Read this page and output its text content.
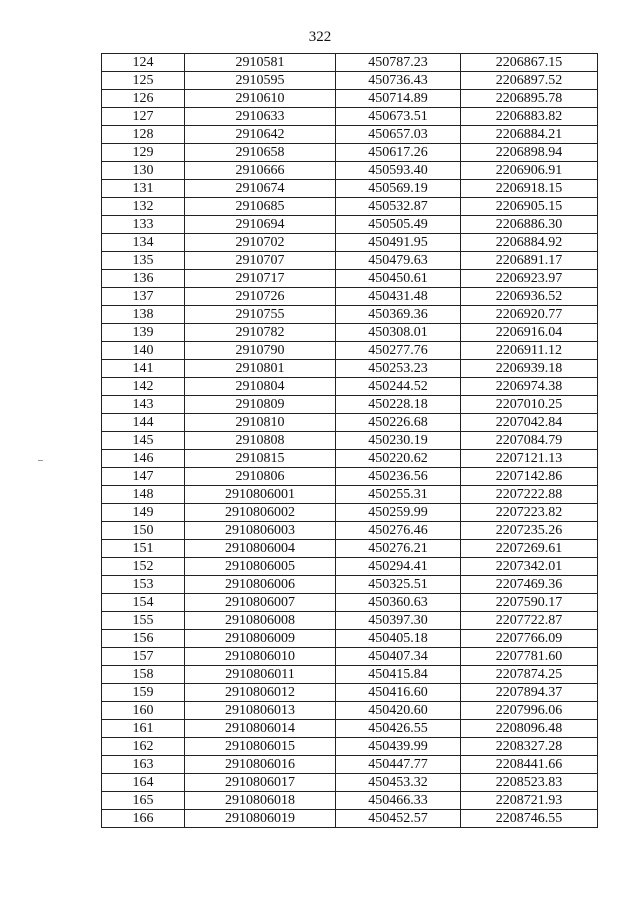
322
124	2910581	450787.23	2206867.15
125	2910595	450736.43	2206897.52
126	2910610	450714.89	2206895.78
127	2910633	450673.51	2206883.82
128	2910642	450657.03	2206884.21
129	2910658	450617.26	2206898.94
130	2910666	450593.40	2206906.91
131	2910674	450569.19	2206918.15
132	2910685	450532.87	2206905.15
133	2910694	450505.49	2206886.30
134	2910702	450491.95	2206884.92
135	2910707	450479.63	2206891.17
136	2910717	450450.61	2206923.97
137	2910726	450431.48	2206936.52
138	2910755	450369.36	2206920.77
139	2910782	450308.01	2206916.04
140	2910790	450277.76	2206911.12
141	2910801	450253.23	2206939.18
142	2910804	450244.52	2206974.38
143	2910809	450228.18	2207010.25
144	2910810	450226.68	2207042.84
145	2910808	450230.19	2207084.79
146	2910815	450220.62	2207121.13
147	2910806	450236.56	2207142.86
148	2910806001	450255.31	2207222.88
149	2910806002	450259.99	2207223.82
150	2910806003	450276.46	2207235.26
151	2910806004	450276.21	2207269.61
152	2910806005	450294.41	2207342.01
153	2910806006	450325.51	2207469.36
154	2910806007	450360.63	2207590.17
155	2910806008	450397.30	2207722.87
156	2910806009	450405.18	2207766.09
157	2910806010	450407.34	2207781.60
158	2910806011	450415.84	2207874.25
159	2910806012	450416.60	2207894.37
160	2910806013	450420.60	2207996.06
161	2910806014	450426.55	2208096.48
162	2910806015	450439.99	2208327.28
163	2910806016	450447.77	2208441.66
164	2910806017	450453.32	2208523.83
165	2910806018	450466.33	2208721.93
166	2910806019	450452.57	2208746.55
